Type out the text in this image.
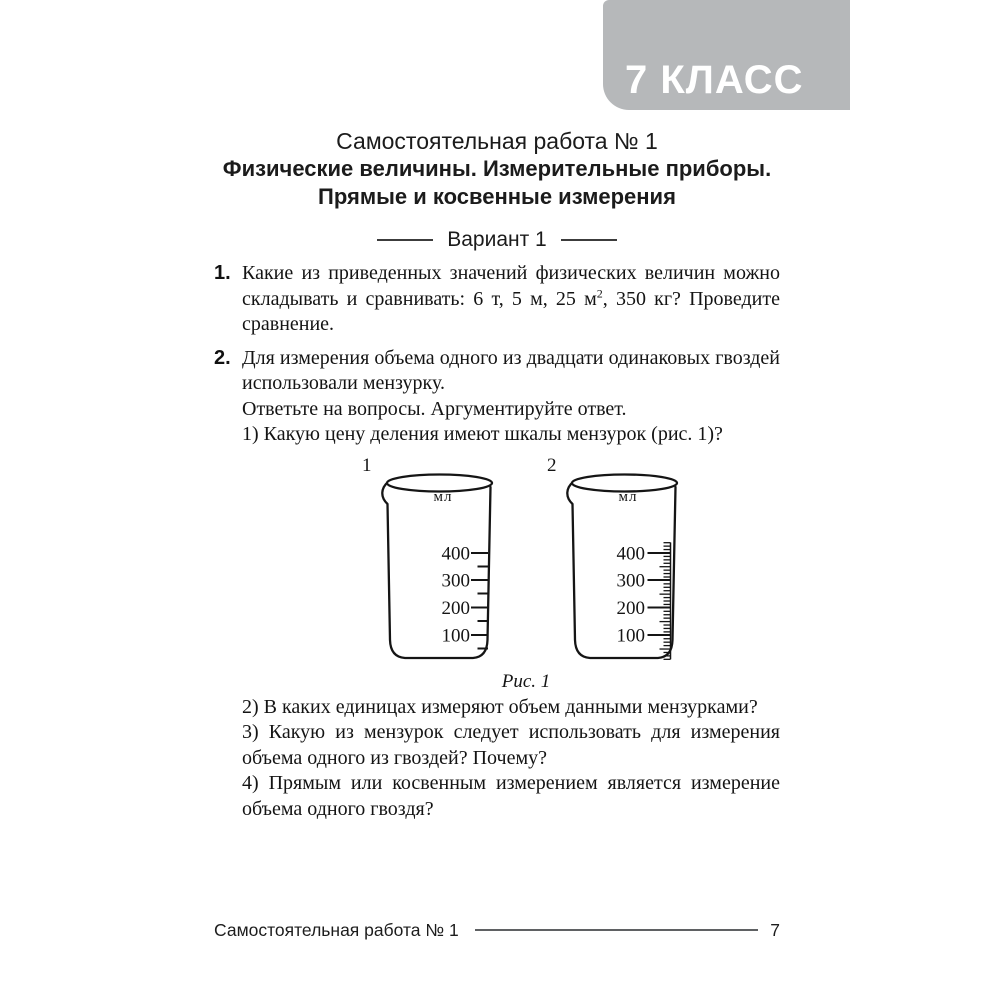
7 КЛАСС
Самостоятельная работа № 1
Физические величины. Измерительные приборы.
Прямые и косвенные измерения
Вариант 1
1. Какие из приведенных значений физических величин можно складывать и сравнивать: 6 т, 5 м, 25 $м^2$, 350 кг? Проведите сравнение.

2. Для измерения объема одного из двадцати одинаковых гвоздей использовали мензурку.

Ответьте на вопросы. Аргументируйте ответ.

1) Какую цену деления имеют шкалы мензурок (рис. 1)?

1	2
мл
400
300
200
100
мл
400
300
200
100
Рис. 1

2) В каких единицах измеряют объем данными мензурками?

3) Какую из мензурок следует использовать для измерения объема одного из гвоздей? Почему?

4) Прямым или косвенным измерением является измерение объема одного гвоздя?

Самостоятельная работа № 1	7
